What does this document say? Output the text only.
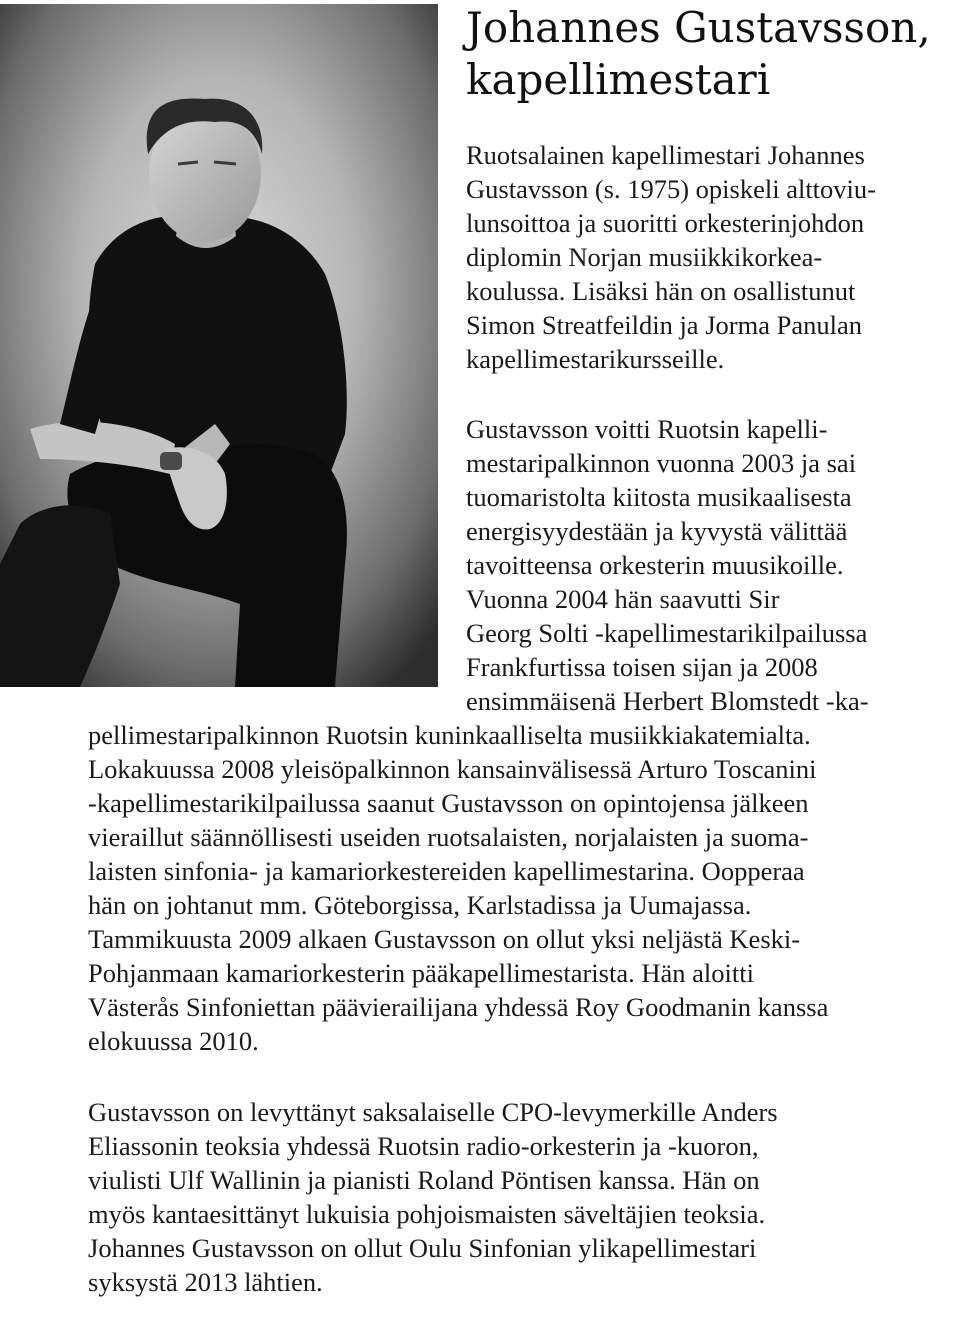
Johannes Gustavsson,
kapellimestari
Ruotsalainen kapellimestari Johannes
Gustavsson (s. 1975) opiskeli alttoviu-
lunsoittoa ja suoritti orkesterinjohdon
diplomin Norjan musiikkikorkea-
koulussa. Lisäksi hän on osallistunut
Simon Streatfeildin ja Jorma Panulan
kapellimestarikursseille.
Gustavsson voitti Ruotsin kapelli-
mestaripalkinnon vuonna 2003 ja sai
tuomaristolta kiitosta musikaalisesta
energisyydestään ja kyvystä välittää
tavoitteensa orkesterin muusikoille.
Vuonna 2004 hän saavutti Sir
Georg Solti -kapellimestarikilpailussa
Frankfurtissa toisen sijan ja 2008
ensimmäisenä Herbert Blomstedt -ka-
pellimestaripalkinnon Ruotsin kuninkaalliselta musiikkiakatemialta.
Lokakuussa 2008 yleisöpalkinnon kansainvälisessä Arturo Toscanini
-kapellimestarikilpailussa saanut Gustavsson on opintojensa jälkeen
vieraillut säännöllisesti useiden ruotsalaisten, norjalaisten ja suoma-
laisten sinfonia- ja kamariorkestereiden kapellimestarina. Oopperaa
hän on johtanut mm. Göteborgissa, Karlstadissa ja Uumajassa.
Tammikuusta 2009 alkaen Gustavsson on ollut yksi neljästä Keski-
Pohjanmaan kamariorkesterin pääkapellimestarista. Hän aloitti
Västerås Sinfoniettan päävierailijana yhdessä Roy Goodmanin kanssa
elokuussa 2010.
Gustavsson on levyttänyt saksalaiselle CPO-levymerkille Anders
Eliassonin teoksia yhdessä Ruotsin radio-orkesterin ja -kuoron,
viulisti Ulf Wallinin ja pianisti Roland Pöntisen kanssa. Hän on
myös kantaesittänyt lukuisia pohjoismaisten säveltäjien teoksia.
Johannes Gustavsson on ollut Oulu Sinfonian ylikapellimestari
syksystä 2013 lähtien.
